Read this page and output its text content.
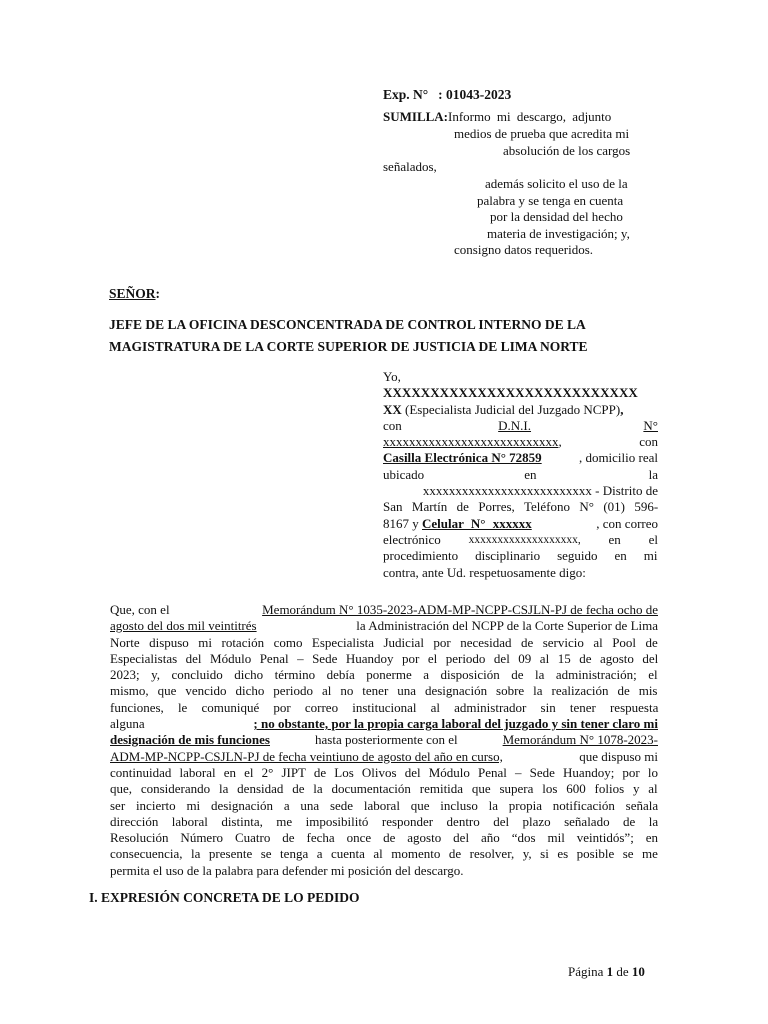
Exp. N° : 01043-2023
SUMILLA:Informo mi descargo, adjunto
medios de prueba que acredita mi
absolución de los cargos
señalados,
además solicito el uso de la
palabra y se tenga en cuenta
por la densidad del hecho
materia de investigación; y,
consigno datos requeridos.
SEÑOR:
JEFE DE LA OFICINA DESCONCENTRADA DE CONTROL INTERNO DE LA
MAGISTRATURA DE LA CORTE SUPERIOR DE JUSTICIA DE LIMA NORTE
Yo,
XXXXXXXXXXXXXXXXXXXXXXXXXXX
XX (Especialista Judicial del Juzgado NCPP),
con	D.N.I.	N°
xxxxxxxxxxxxxxxxxxxxxxxxxxx,	con
Casilla Electrónica N° 72859	, domicilio real
ubicado	en	la
xxxxxxxxxxxxxxxxxxxxxxxxxx - Distrito de
San Martín de Porres, Teléfono N° (01) 596-
8167 y Celular N° xxxxxx	, con correo
electrónico xxxxxxxxxxxxxxxxxxx, en el
procedimiento disciplinario seguido en mi
contra, ante Ud. respetuosamente digo:
Que, con el	Memorándum N° 1035-2023-ADM-MP-NCPP-CSJLN-PJ de fecha ocho de
agosto del dos mil veintitrés	la Administración del NCPP de la Corte Superior de Lima
Norte dispuso mi rotación como Especialista Judicial por necesidad de servicio al Pool de
Especialistas del Módulo Penal – Sede Huandoy por el periodo del 09 al 15 de agosto del
2023; y, concluido dicho término debía ponerme a disposición de la administración; el
mismo, que vencido dicho periodo al no tener una designación sobre la realización de mis
funciones, le comuniqué por correo institucional al administrador sin tener respuesta
alguna	; no obstante, por la propia carga laboral del juzgado y sin tener claro mi
designación de mis funciones	hasta posteriormente con el	Memorándum N° 1078-2023-
ADM-MP-NCPP-CSJLN-PJ de fecha veintiuno de agosto del año en curso,	que dispuso mi
continuidad laboral en el 2° JIPT de Los Olivos del Módulo Penal – Sede Huandoy; por lo
que, considerando la densidad de la documentación remitida que supera los 600 folios y al
ser incierto mi designación a una sede laboral que incluso la propia notificación señala
dirección laboral distinta, me imposibilitó responder dentro del plazo señalado de la
Resolución Número Cuatro de fecha once de agosto del año “dos mil veintidós”; en
consecuencia, la presente se tenga a cuenta al momento de resolver, y, si es posible se me
permita el uso de la palabra para defender mi posición del descargo.
I. EXPRESIÓN CONCRETA DE LO PEDIDO
Página 1 de 10
